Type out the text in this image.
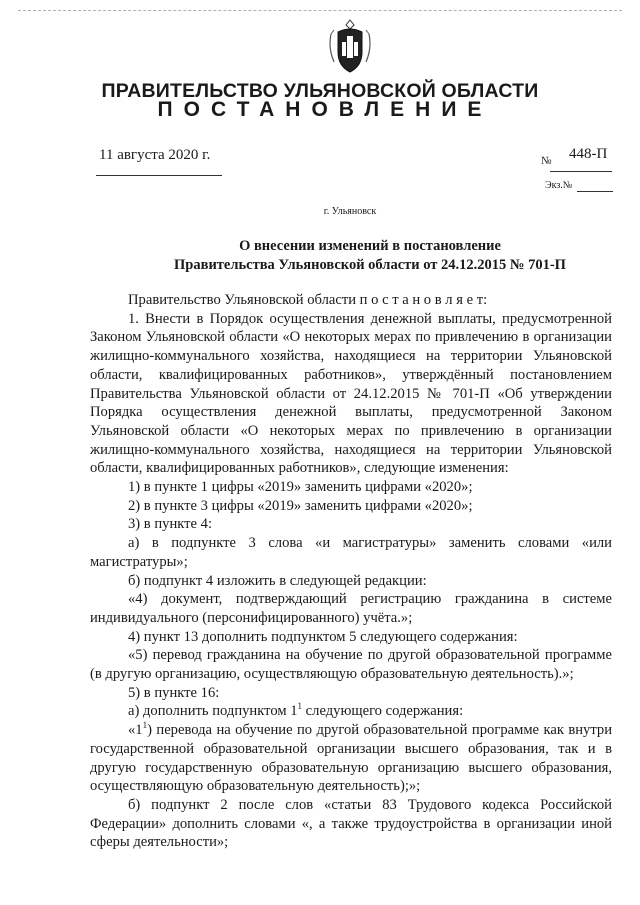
ПРАВИТЕЛЬСТВО УЛЬЯНОВСКОЙ ОБЛАСТИ
ПОСТАНОВЛЕНИЕ
11 августа 2020 г.	№ 448-П
Экз.№
г. Ульяновск
О внесении изменений в постановление
Правительства Ульяновской области от 24.12.2015 № 701-П

Правительство Ульяновской области п о с т а н о в л я е т:

1. Внести в Порядок осуществления денежной выплаты, предусмотренной Законом Ульяновской области «О некоторых мерах по привлечению в организации жилищно-коммунального хозяйства, находящиеся на территории Ульяновской области, квалифицированных работников», утверждённый постановлением Правительства Ульяновской области от 24.12.2015 № 701-П «Об утверждении Порядка осуществления денежной выплаты, предусмотренной Законом Ульяновской области «О некоторых мерах по привлечению в организации жилищно-коммунального хозяйства, находящиеся на территории Ульяновской области, квалифицированных работников», следующие изменения:

1) в пункте 1 цифры «2019» заменить цифрами «2020»;

2) в пункте 3 цифры «2019» заменить цифрами «2020»;

3) в пункте 4:

а) в подпункте 3 слова «и магистратуры» заменить словами «или магистратуры»;

б) подпункт 4 изложить в следующей редакции:

«4) документ, подтверждающий регистрацию гражданина в системе индивидуального (персонифицированного) учёта.»;

4) пункт 13 дополнить подпунктом 5 следующего содержания:

«5) перевод гражданина на обучение по другой образовательной программе (в другую организацию, осуществляющую образовательную деятельность).»;

5) в пункте 16:

а) дополнить подпунктом $1^1$ следующего содержания:

«$1^1$) перевода на обучение по другой образовательной программе как внутри государственной образовательной организации высшего образования, так и в другую государственную образовательную организацию высшего образования, осуществляющую образовательную деятельность);»;

б) подпункт 2 после слов «статьи 83 Трудового кодекса Российской Федерации» дополнить словами «, а также трудоустройства в организации иной сферы деятельности»;
